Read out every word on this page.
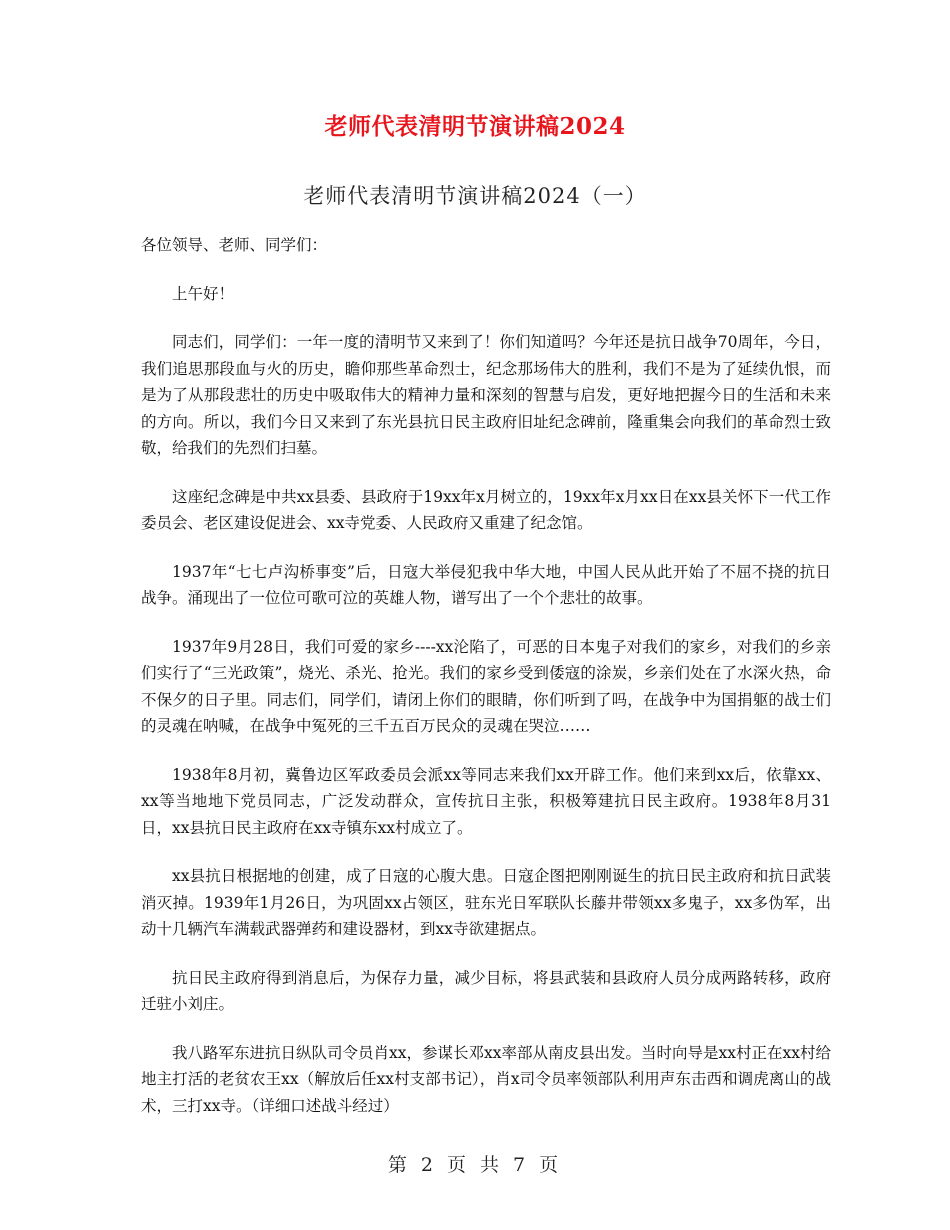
老师代表清明节演讲稿2024
老师代表清明节演讲稿2024（一）

各位领导、老师、同学们：

上午好！

同志们，同学们：一年一度的清明节又来到了！你们知道吗？今年还是抗日战争70周年，今日，我们追思那段血与火的历史，瞻仰那些革命烈士，纪念那场伟大的胜利，我们不是为了延续仇恨，而是为了从那段悲壮的历史中吸取伟大的精神力量和深刻的智慧与启发，更好地把握今日的生活和未来的方向。所以，我们今日又来到了东光县抗日民主政府旧址纪念碑前，隆重集会向我们的革命烈士致敬，给我们的先烈们扫墓。

这座纪念碑是中共xx县委、县政府于19xx年x月树立的，19xx年x月xx日在xx县关怀下一代工作委员会、老区建设促进会、xx寺党委、人民政府又重建了纪念馆。

1937年“七七卢沟桥事变”后，日寇大举侵犯我中华大地，中国人民从此开始了不屈不挠的抗日战争。涌现出了一位位可歌可泣的英雄人物，谱写出了一个个悲壮的故事。

1937年9月28日，我们可爱的家乡----xx沦陷了，可恶的日本鬼子对我们的家乡，对我们的乡亲们实行了“三光政策”，烧光、杀光、抢光。我们的家乡受到倭寇的涂炭，乡亲们处在了水深火热，命不保夕的日子里。同志们，同学们，请闭上你们的眼睛，你们听到了吗，在战争中为国捐躯的战士们的灵魂在呐喊，在战争中冤死的三千五百万民众的灵魂在哭泣……

1938年8月初，冀鲁边区军政委员会派xx等同志来我们xx开辟工作。他们来到xx后，依靠xx、xx等当地地下党员同志，广泛发动群众，宣传抗日主张，积极筹建抗日民主政府。1938年8月31日，xx县抗日民主政府在xx寺镇东xx村成立了。

xx县抗日根据地的创建，成了日寇的心腹大患。日寇企图把刚刚诞生的抗日民主政府和抗日武装消灭掉。1939年1月26日，为巩固xx占领区，驻东光日军联队长藤井带领xx多鬼子，xx多伪军，出动十几辆汽车满载武器弹药和建设器材，到xx寺欲建据点。

抗日民主政府得到消息后，为保存力量，减少目标，将县武装和县政府人员分成两路转移，政府迁驻小刘庄。

我八路军东进抗日纵队司令员肖xx，参谋长邓xx率部从南皮县出发。当时向导是xx村正在xx村给地主打活的老贫农王xx（解放后任xx村支部书记），肖x司令员率领部队利用声东击西和调虎离山的战术，三打xx寺。（详细口述战斗经过）

第 2 页 共 7 页
